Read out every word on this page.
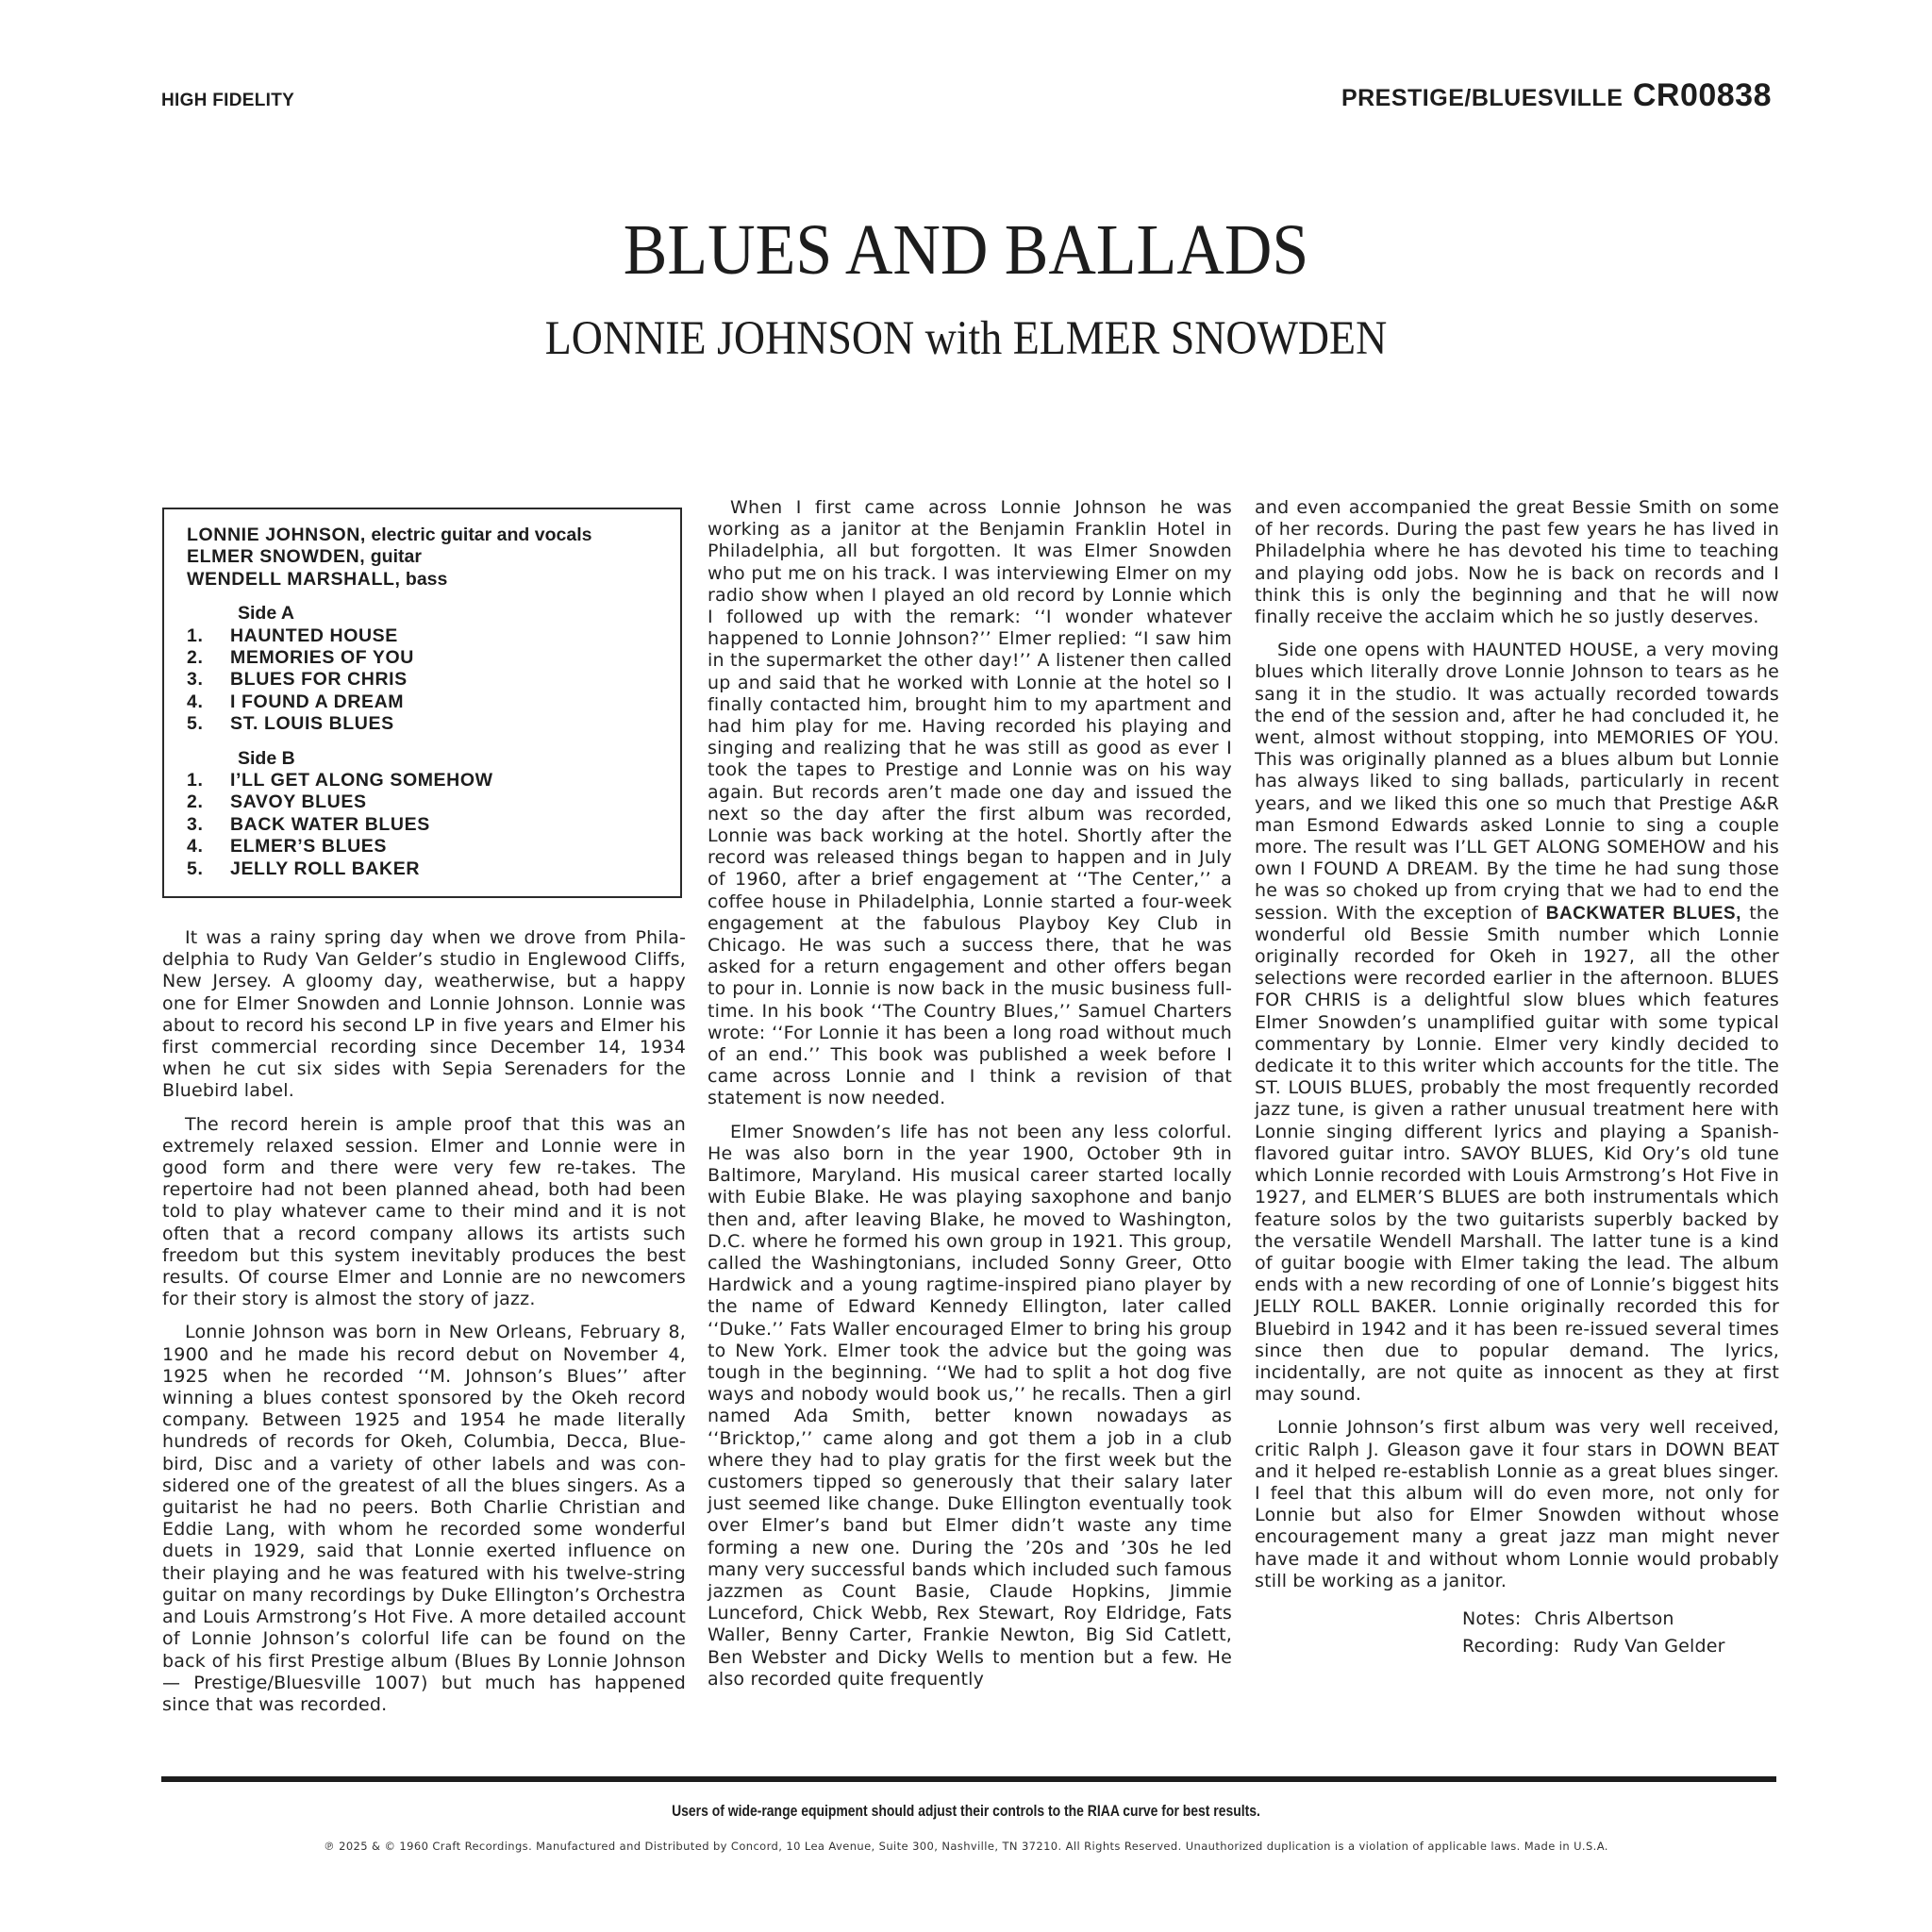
HIGH FIDELITY	PRESTIGE/BLUESVILLE CR00838
BLUES AND BALLADS
LONNIE JOHNSON with ELMER SNOWDEN
LONNIE JOHNSON, electric guitar and vocals
ELMER SNOWDEN, guitar
WENDELL MARSHALL, bass
Side A
1.	HAUNTED HOUSE
2.	MEMORIES OF YOU
3.	BLUES FOR CHRIS
4.	I FOUND A DREAM
5.	ST. LOUIS BLUES
Side B
1.	I’LL GET ALONG SOMEHOW
2.	SAVOY BLUES
3.	BACK WATER BLUES
4.	ELMER’S BLUES
5.	JELLY ROLL BAKER

It was a rainy spring day when we drove from Philadelphia to Rudy Van Gelder’s studio in Englewood Cliffs, New Jersey. A gloomy day, weatherwise, but a happy one for Elmer Snowden and Lonnie Johnson. Lonnie was about to record his second LP in five years and Elmer his first commercial recording since December 14, 1934 when he cut six sides with Sepia Serenaders for the Bluebird label.

The record herein is ample proof that this was an extremely relaxed session. Elmer and Lonnie were in good form and there were very few re-takes. The repertoire had not been planned ahead, both had been told to play whatever came to their mind and it is not often that a record company allows its artists such freedom but this system inevitably produces the best results. Of course Elmer and Lonnie are no newcomers for their story is almost the story of jazz.

Lonnie Johnson was born in New Orleans, February 8, 1900 and he made his record debut on November 4, 1925 when he recorded ‘‘M. Johnson’s Blues’’ after winning a blues contest sponsored by the Okeh record company. Between 1925 and 1954 he made literally hundreds of records for Okeh, Columbia, Decca, Bluebird, Disc and a variety of other labels and was considered one of the greatest of all the blues singers. As a guitarist he had no peers. Both Charlie Christian and Eddie Lang, with whom he recorded some wonderful duets in 1929, said that Lonnie exerted influence on their playing and he was featured with his twelve-string guitar on many recordings by Duke Ellington’s Orchestra and Louis Armstrong’s Hot Five. A more detailed account of Lonnie Johnson’s colorful life can be found on the back of his first Prestige album (Blues By Lonnie Johnson — Prestige/Bluesville 1007) but much has happened since that was recorded.

When I first came across Lonnie Johnson he was working as a janitor at the Benjamin Franklin Hotel in Philadelphia, all but forgotten. It was Elmer Snowden who put me on his track. I was interviewing Elmer on my radio show when I played an old record by Lonnie which I followed up with the remark: ‘‘I wonder whatever happened to Lonnie Johnson?’’ Elmer replied: “I saw him in the supermarket the other day!’’ A listener then called up and said that he worked with Lonnie at the hotel so I finally contacted him, brought him to my apartment and had him play for me. Having recorded his playing and singing and realizing that he was still as good as ever I took the tapes to Prestige and Lonnie was on his way again. But records aren’t made one day and issued the next so the day after the first album was recorded, Lonnie was back working at the hotel. Shortly after the record was released things began to happen and in July of 1960, after a brief engagement at ‘‘The Center,’’ a coffee house in Philadelphia, Lonnie started a four-week engagement at the fabulous Playboy Key Club in Chicago. He was such a success there, that he was asked for a return engagement and other offers began to pour in. Lonnie is now back in the music business full-time. In his book ‘‘The Country Blues,’’ Samuel Charters wrote: ‘‘For Lonnie it has been a long road without much of an end.’’ This book was published a week before I came across Lonnie and I think a revision of that statement is now needed.

Elmer Snowden’s life has not been any less colorful. He was also born in the year 1900, October 9th in Baltimore, Maryland. His musical career started locally with Eubie Blake. He was playing saxophone and banjo then and, after leaving Blake, he moved to Washington, D.C. where he formed his own group in 1921. This group, called the Washingtonians, included Sonny Greer, Otto Hardwick and a young ragtime-inspired piano player by the name of Edward Kennedy Ellington, later called ‘‘Duke.’’ Fats Waller encouraged Elmer to bring his group to New York. Elmer took the advice but the going was tough in the beginning. ‘‘We had to split a hot dog five ways and nobody would book us,’’ he recalls. Then a girl named Ada Smith, better known nowadays as ‘‘Bricktop,’’ came along and got them a job in a club where they had to play gratis for the first week but the customers tipped so generously that their salary later just seemed like change. Duke Ellington eventually took over Elmer’s band but Elmer didn’t waste any time forming a new one. During the ’20s and ’30s he led many very successful bands which included such famous jazzmen as Count Basie, Claude Hopkins, Jimmie Lunceford, Chick Webb, Rex Stewart, Roy Eldridge, Fats Waller, Benny Carter, Frankie Newton, Big Sid Catlett, Ben Webster and Dicky Wells to mention but a few. He also recorded quite frequently

and even accompanied the great Bessie Smith on some of her records. During the past few years he has lived in Philadelphia where he has devoted his time to teaching and playing odd jobs. Now he is back on records and I think this is only the beginning and that he will now finally receive the acclaim which he so justly deserves.

Side one opens with HAUNTED HOUSE, a very moving blues which literally drove Lonnie Johnson to tears as he sang it in the studio. It was actually recorded towards the end of the session and, after he had concluded it, he went, almost without stopping, into MEMORIES OF YOU. This was originally planned as a blues album but Lonnie has always liked to sing ballads, particularly in recent years, and we liked this one so much that Prestige A&R man Esmond Edwards asked Lonnie to sing a couple more. The result was I’LL GET ALONG SOMEHOW and his own I FOUND A DREAM. By the time he had sung those he was so choked up from crying that we had to end the session. With the exception of BACKWATER BLUES, the wonderful old Bessie Smith number which Lonnie originally recorded for Okeh in 1927, all the other selections were recorded earlier in the afternoon. BLUES FOR CHRIS is a delightful slow blues which features Elmer Snowden’s unamplified guitar with some typical commentary by Lonnie. Elmer very kindly decided to dedicate it to this writer which accounts for the title. The ST. LOUIS BLUES, probably the most frequently recorded jazz tune, is given a rather unusual treatment here with Lonnie singing different lyrics and playing a Spanish-flavored guitar intro. SAVOY BLUES, Kid Ory’s old tune which Lonnie recorded with Louis Armstrong’s Hot Five in 1927, and ELMER’S BLUES are both instrumentals which feature solos by the two guitarists superbly backed by the versatile Wendell Marshall. The latter tune is a kind of guitar boogie with Elmer taking the lead. The album ends with a new recording of one of Lonnie’s biggest hits JELLY ROLL BAKER. Lonnie originally recorded this for Bluebird in 1942 and it has been re-issued several times since then due to popular demand. The lyrics, incidentally, are not quite as innocent as they at first may sound.

Lonnie Johnson’s first album was very well received, critic Ralph J. Gleason gave it four stars in DOWN BEAT and it helped re-establish Lonnie as a great blues singer. I feel that this album will do even more, not only for Lonnie but also for Elmer Snowden without whose encouragement many a great jazz man might never have made it and without whom Lonnie would probably still be working as a janitor.

Notes: Chris Albertson
Recording: Rudy Van Gelder
Users of wide-range equipment should adjust their controls to the RIAA curve for best results.
℗ 2025 & © 1960 Craft Recordings. Manufactured and Distributed by Concord, 10 Lea Avenue, Suite 300, Nashville, TN 37210. All Rights Reserved. Unauthorized duplication is a violation of applicable laws. Made in U.S.A.
